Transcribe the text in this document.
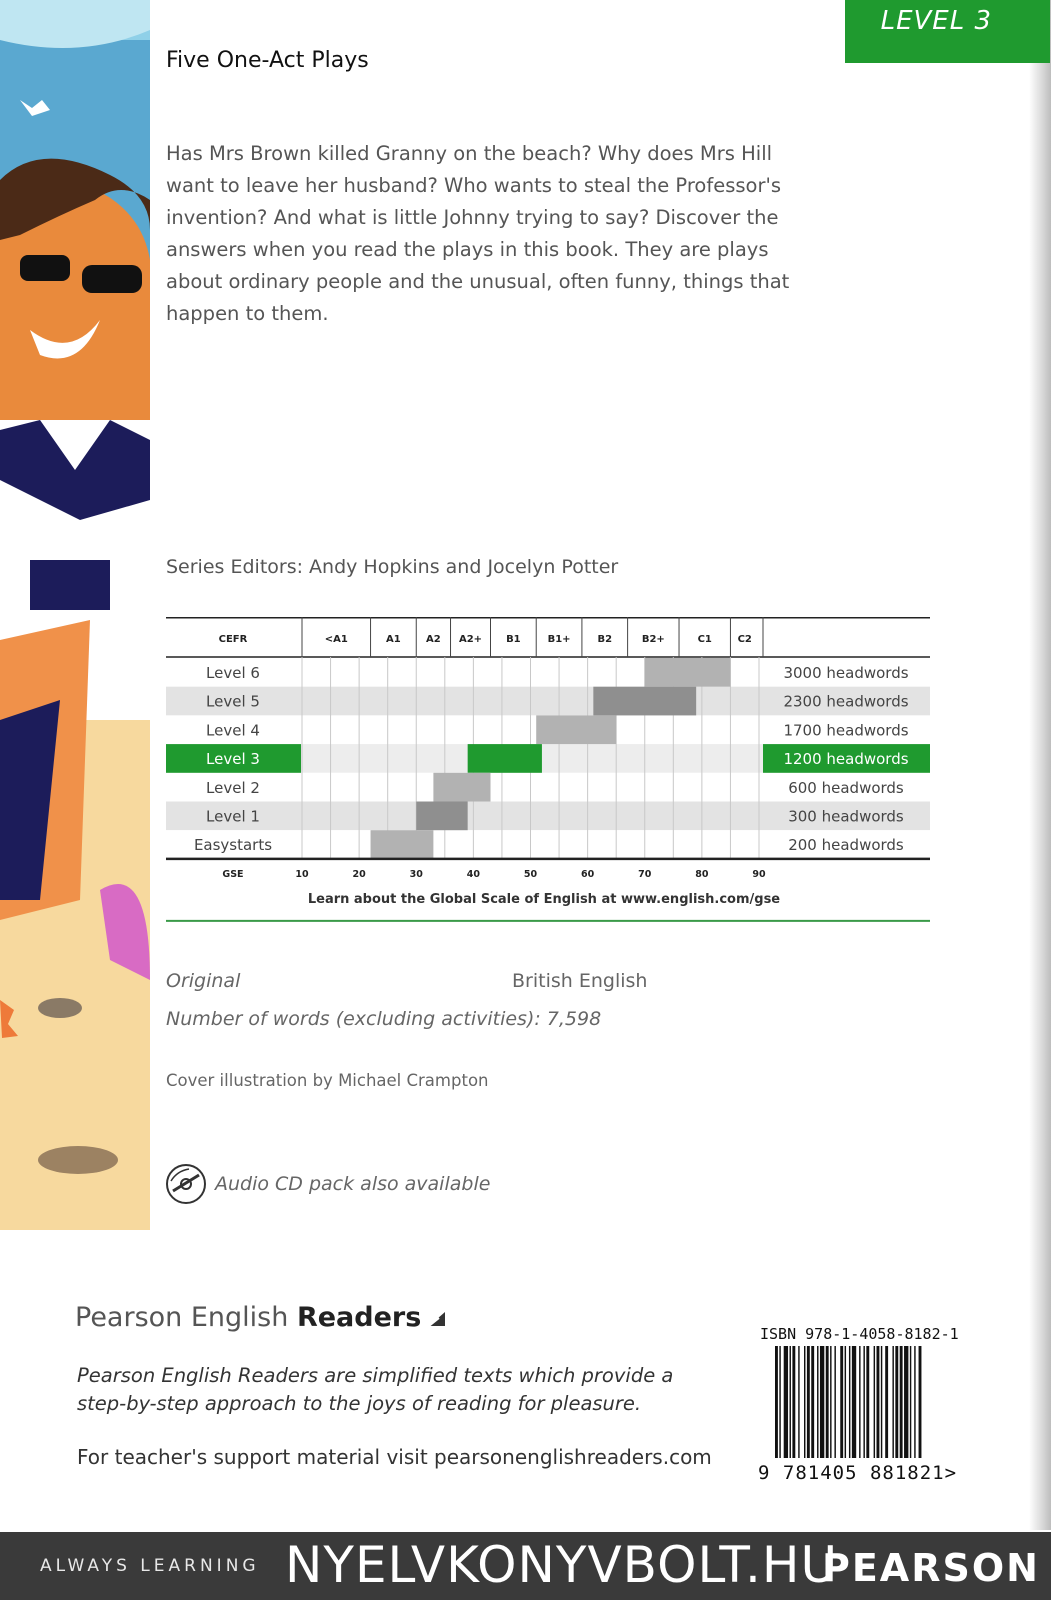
LEVEL 3
Five One-Act Plays
Has Mrs Brown killed Granny on the beach? Why does Mrs Hill want to leave her husband? Who wants to steal the Professor's invention? And what is little Johnny trying to say? Discover the answers when you read the plays in this book. They are plays about ordinary people and the unusual, often funny, things that happen to them.
Series Editors: Andy Hopkins and Jocelyn Potter
CEFR	<A1	A1	A2 A2+ B1	B1+	B2	B2+	C1	C2
Level 6	3000 headwords
Level 5	2300 headwords
Level 4	1700 headwords
Level 3	1200 headwords
Level 2	600 headwords
Level 1	300 headwords
Easystarts	200 headwords
GSE	10	20	30	40	50	60	70	80	90
Learn about the Global Scale of English at www.english.com/gse
Original	British English
Number of words (excluding activities): 7,598
Cover illustration by Michael Crampton
Audio CD pack also available
Pearson English Readers
Pearson English Readers are simplified texts which provide a step-by-step approach to the joys of reading for pleasure.
For teacher's support material visit pearsonenglishreaders.com
ISBN 978-1-4058-8182-1
9 781405 881821>
ALWAYS LEARNING	PEARSON
NYELVKONYVBOLT.HU
